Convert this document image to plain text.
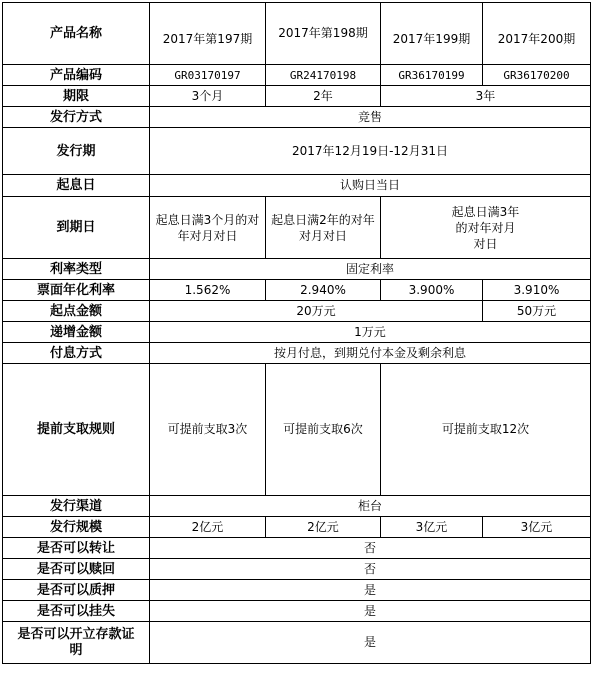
产品名称	2017年第197期	2017年第198期	2017年199期	2017年200期
产品编码	GR03170197	GR24170198	GR36170199	GR36170200
期限	3个月	2年	3年	
发行方式	竞售			
发行期	2017年12月19日-12月31日			
起息日	认购日当日			
到期日	起息日满3个月的对年对月对日	起息日满2年的对年对月对日	起息日满3年的对年对月对日	
利率类型	固定利率			
票面年化利率	1.562%	2.940%	3.900%	3.910%
起点金额	20万元			50万元
递增金额	1万元			
付息方式	按月付息，到期兑付本金及剩余利息			
提前支取规则	可提前支取3次	可提前支取6次	可提前支取12次	
发行渠道	柜台			
发行规模	2亿元	2亿元	3亿元	3亿元
是否可以转让	否			
是否可以赎回	否			
是否可以质押	是			
是否可以挂失	是			
是否可以开立存款证明	是			
